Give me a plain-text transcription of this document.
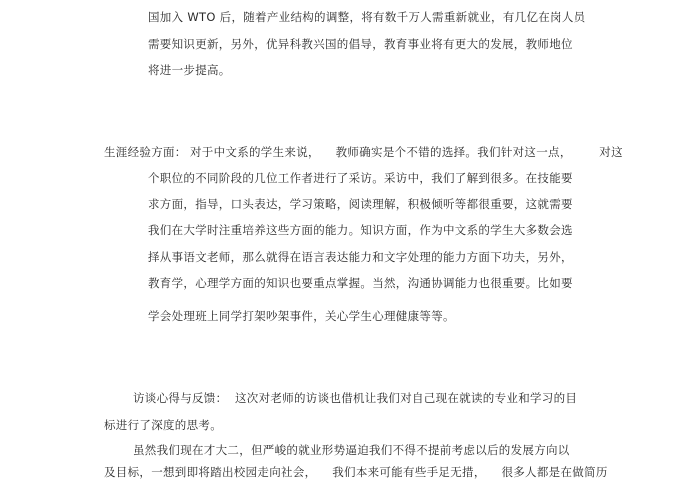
国加入 WTO 后，随着产业结构的调整，将有数千万人需重新就业，有几亿在岗人员
需要知识更新，另外，优异科教兴国的倡导，教育事业将有更大的发展，教师地位
将进一步提高。
生涯经验方面： 对于中文系的学生来说，    教师确实是个不错的选择。我们针对这一点，       对这
个职位的不同阶段的几位工作者进行了采访。采访中，我们了解到很多。在技能要
求方面，指导，口头表达，学习策略，阅读理解，积极倾听等都很重要，这就需要
我们在大学时注重培养这些方面的能力。知识方面，作为中文系的学生大多数会选
择从事语文老师，那么就得在语言表达能力和文字处理的能力方面下功夫，另外，
教育学，心理学方面的知识也要重点掌握。当然，沟通协调能力也很重要。比如要
学会处理班上同学打架吵架事件，关心学生心理健康等等。
访谈心得与反馈： 这次对老师的访谈也借机让我们对自己现在就读的专业和学习的目
标进行了深度的思考。
虽然我们现在才大二，但严峻的就业形势逼迫我们不得不提前考虑以后的发展方向以
及目标，一想到即将踏出校园走向社会，    我们本来可能有些手足无措，    很多人都是在做简历
